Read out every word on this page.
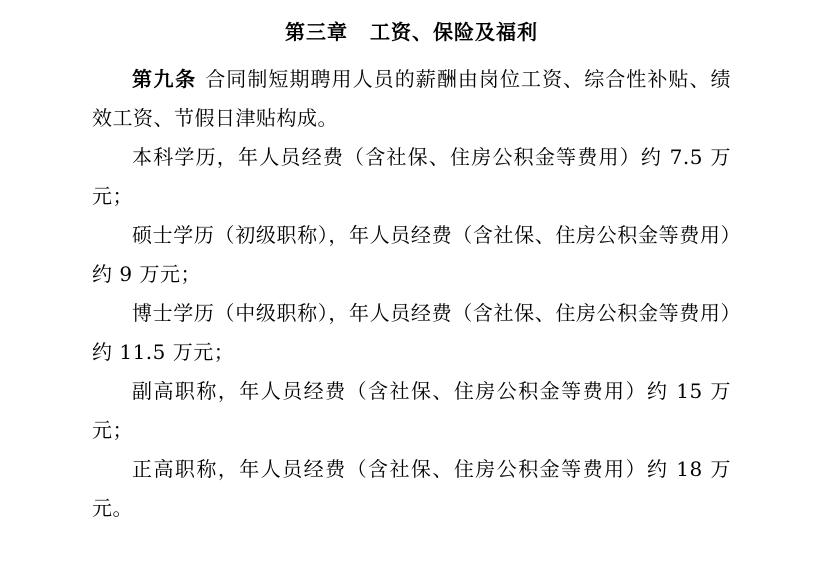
第三章 工资、保险及福利

第九条 合同制短期聘用人员的薪酬由岗位工资、综合性补贴、绩效工资、节假日津贴构成。

本科学历，年人员经费（含社保、住房公积金等费用）约 7.5 万元；

硕士学历（初级职称），年人员经费（含社保、住房公积金等费用）约 9 万元；

博士学历（中级职称），年人员经费（含社保、住房公积金等费用）约 11.5 万元；

副高职称，年人员经费（含社保、住房公积金等费用）约 15 万元；

正高职称，年人员经费（含社保、住房公积金等费用）约 18 万元。
